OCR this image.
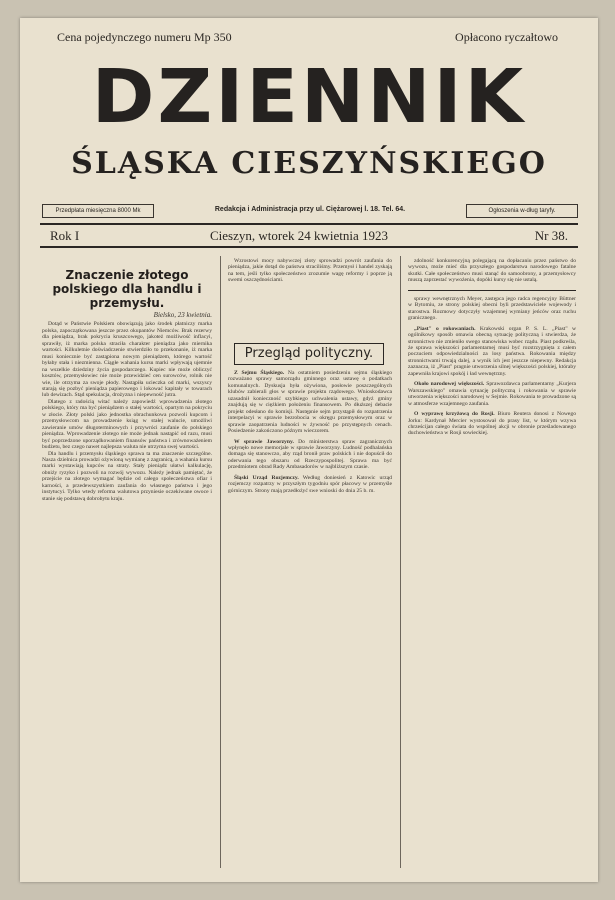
Cena pojedynczego numeru Mp 350	Opłacono ryczałtowo
DZIENNIK
ŚLĄSKA CIESZYŃSKIEGO
Przedpłata miesięczna 8000 Mk	Redakcja i Administracja przy ul. Ciężarowej l. 18. Tel. 64.	Ogłoszenia w-dług taryfy.
Rok I	Cieszyn, wtorek 24 kwietnia 1923	Nr 38.
Znaczenie złotego polskiego dla handlu i przemysłu.
Bielsko, 23 kwietnia.

Dotąd w Państwie Polskiem obowiązują jako środek płatniczy marka polska, zapoczątkowana jeszcze przez okupantów Niemców. Brak rezerwy dla pieniądza, brak pokrycia kruszcowego, jakoteż możliwość inflacyi, sprawiły, iż marka polska straciła charakter pieniądza jako miernika wartości. Kilkuletnie doświadczenie stwierdziło to przekonanie, iż marka musi koniecznie być zastąpiona nowym pieniądzem, którego wartość byłaby stała i niezmienna. Ciągłe wahania kursu marki wpływają ujemnie na wszelkie dziedziny życia gospodarczego. Kupiec nie może obliczyć kosztów, przemysłowiec nie może przewidzieć cen surowców, rolnik nie wie, ile otrzyma za swoje płody. Nastąpiła ucieczka od marki, wszyscy starają się pozbyć pieniądza papierowego i lokować kapitały w towarach lub dewizach. Stąd spekulacja, drożyzna i niepewność jutra.

Dlatego z radością witać należy zapowiedź wprowadzenia złotego polskiego, który ma być pieniądzem o stałej wartości, opartym na pokryciu w złocie. Złoty polski jako jednostka obrachunkowa pozwoli kupcom i przemysłowcom na prowadzenie ksiąg w stałej walucie, umożliwi zawieranie umów długoterminowych i przywróci zaufanie do polskiego pieniądza. Wprowadzenie złotego nie może jednak nastąpić od razu, musi być poprzedzone uporządkowaniem finansów państwa i zrównoważeniem budżetu, bez czego nawet najlepsza waluta nie utrzyma swej wartości.

Dla handlu i przemysłu śląskiego sprawa ta ma znaczenie szczególne. Nasza dzielnica prowadzi ożywioną wymianę z zagranicą, a wahania kursu marki wystawiają kupców na straty. Stały pieniądz ułatwi kalkulację, obniży ryzyko i pozwoli na rozwój wywozu. Należy jednak pamiętać, że przejście na złotego wymagać będzie od całego społeczeństwa ofiar i karności, a przedewszystkiem zaufania do własnego państwa i jego instytucyi. Tylko wtedy reforma walutowa przyniesie oczekiwane owoce i stanie się podstawą dobrobytu kraju.

Wzrostowi mocy nabywczej złoty sprowadzi powrót zaufania do pieniądza, jakie dotąd do państwa straciliśmy. Przemysł i handel zyskają na tem, jeśli tylko społeczeństwo zrozumie wagę reformy i poprze ją swemi oszczędnościami.

Przegląd polityczny.

Z Sejmu Śląskiego. Na ostatniem posiedzeniu sejmu śląskiego rozważano sprawy samorządu gminnego oraz ustawę o podatkach komunalnych. Dyskusja była ożywiona, posłowie poszczególnych klubów zabierali głos w sprawie projektu rządowego. Wnioskodawca uzasadnił konieczność szybkiego uchwalenia ustawy, gdyż gminy znajdują się w ciężkiem położeniu finansowem. Po dłuższej debacie projekt odesłano do komisji. Następnie sejm przystąpił do rozpatrzenia interpelacyi w sprawie bezrobocia w okręgu przemysłowym oraz w sprawie zaopatrzenia ludności w żywność po przystępnych cenach. Posiedzenie zakończono późnym wieczorem.

W sprawie Jaworzyny. Do ministerstwa spraw zagranicznych wpłynęło nowe memorjale w sprawie Jaworzyny. Ludność podhalańska domaga się stanowczo, aby rząd bronił praw polskich i nie dopuścił do oderwania tego obszaru od Rzeczypospolitej. Sprawa ma być przedmiotem obrad Rady Ambasadorów w najbliższym czasie.

Śląski Urząd Rozjemczy. Według doniesień z Katowic urząd rozjemczy rozpatrzy w przyszłym tygodniu spór płacowy w przemyśle górniczym. Strony mają przedłożyć swe wnioski do dnia 25 b. m.

zdolność konkurencyjną polegającą na dopłacaniu przez państwo do wywozu, może mieć dla przyszłego gospodarstwa narodowego fatalne skutki. Całe społeczeństwo musi stanąć do samoobrony, a przemysłowcy muszą zaprzestać wywożenia, dopóki kursy się nie ustalą.

sprawy wewnętrznych Meyer, zastępca jego radca regencyjny Büttner w Bytomiu, ze strony polskiej obecni byli przedstawiciele wojewody i starostwa. Rozmowy dotyczyły wzajemnej wymiany jeńców oraz ruchu granicznego.

„Piast" o rokowaniach. Krakowski organ P. S. L. „Piast" w ogólnikowy sposób omawia obecną sytuację polityczną i stwierdza, że stronnictwo nie zmieniło swego stanowiska wobec rządu. Piast podkreśla, że sprawa większości parlamentarnej musi być rozstrzygnięta z całem poczuciem odpowiedzialności za losy państwa. Rokowania między stronnictwami trwają dalej, a wynik ich jest jeszcze niepewny. Redakcja zaznacza, iż „Piast" pragnie utworzenia silnej większości polskiej, któraby zapewniła krajowi spokój i ład wewnętrzny.

Około narodowej większości. Sprawozdawca parlamentarny „Kurjera Warszawskiego" omawia sytuację polityczną i rokowania w sprawie utworzenia większości narodowej w Sejmie. Rokowania te prowadzone są w atmosferze wzajemnego zaufania.

O wyprawę krzyżową do Rosji. Biuro Reutera donosi z Nowego Jorku: Kardynał Mercier wystosował do prasy list, w którym wzywa chrześcijan całego świata do wspólnej akcji w obronie prześladowanego duchowieństwa w Rosji sowieckiej.
